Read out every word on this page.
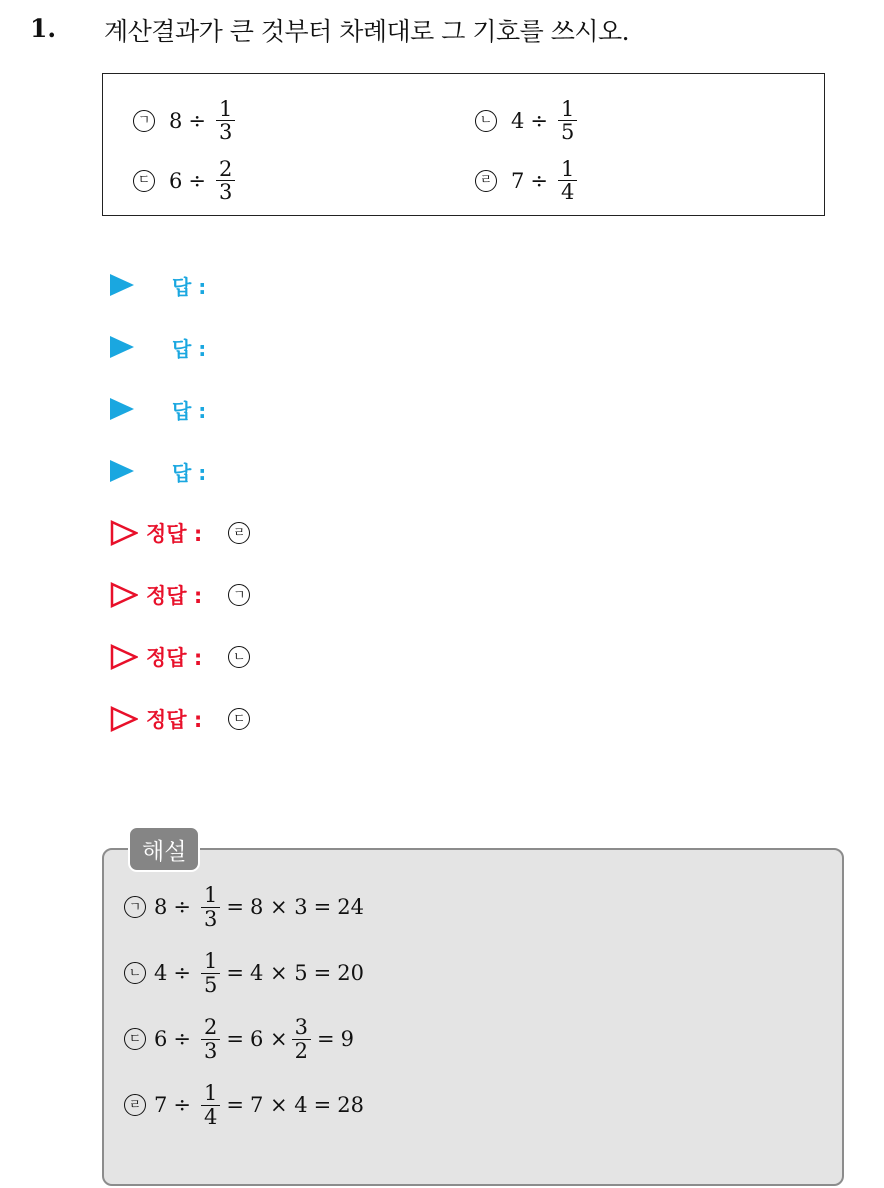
1. 계산결과가 큰 것부터 차례대로 그 기호를 쓰시오.
ㄱ $8 \div \frac{1}{3}$	ㄴ $4 \div \frac{1}{5}$
ㄷ $6 \div \frac{2}{3}$	ㄹ $7 \div \frac{1}{4}$
답 :
답 :
답 :
답 :
정답 :	ㄹ
정답 :	ㄱ
정답 :	ㄴ
정답 :	ㄷ
ㄱ $8 \div \frac{1}{3} = 8 \times 3 = 24$
ㄴ $4 \div \frac{1}{5} = 4 \times 5 = 20$
ㄷ $6 \div \frac{2}{3} = 6 \times \frac{3}{2} = 9$
ㄹ $7 \div \frac{1}{4} = 7 \times 4 = 28$
해설
